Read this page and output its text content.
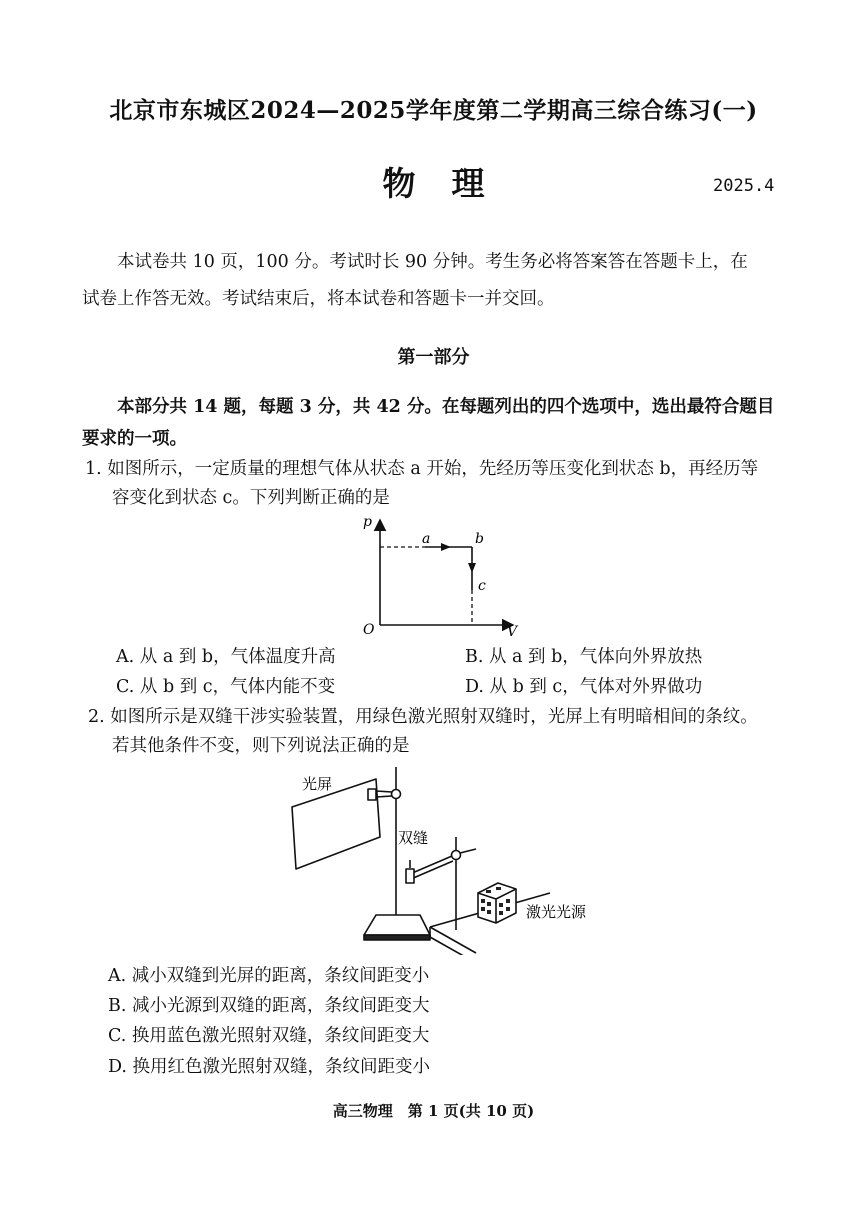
北京市东城区2024—2025学年度第二学期高三综合练习(一)
物理	2025.4
本试卷共 10 页，100 分。考试时长 90 分钟。考生务必将答案答在答题卡上，在
试卷上作答无效。考试结束后，将本试卷和答题卡一并交回。
第一部分
本部分共 14 题，每题 3 分，共 42 分。在每题列出的四个选项中，选出最符合题目
要求的一项。
1. 如图所示，一定质量的理想气体从状态 a 开始，先经历等压变化到状态 b，再经历等
容变化到状态 c。下列判断正确的是
p
V
O
a	b
c
A. 从 a 到 b，气体温度升高	B. 从 a 到 b，气体向外界放热
C. 从 b 到 c，气体内能不变	D. 从 b 到 c，气体对外界做功
2. 如图所示是双缝干涉实验装置，用绿色激光照射双缝时，光屏上有明暗相间的条纹。
若其他条件不变，则下列说法正确的是
光屏
双缝
激光光源
A. 减小双缝到光屏的距离，条纹间距变小
B. 减小光源到双缝的距离，条纹间距变大
C. 换用蓝色激光照射双缝，条纹间距变大
D. 换用红色激光照射双缝，条纹间距变小
高三物理　第 1 页(共 10 页)
